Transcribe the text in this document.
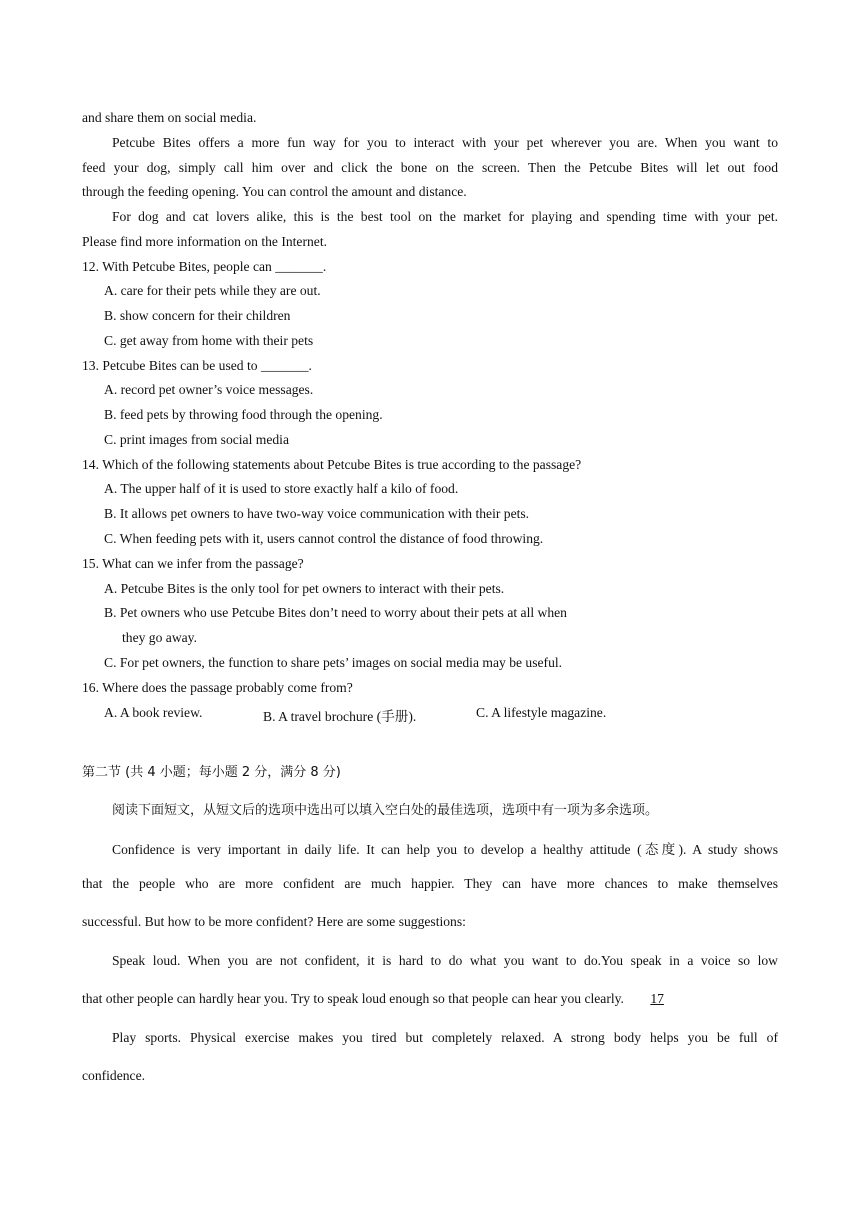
and share them on social media.
Petcube Bites offers a more fun way for you to interact with your pet wherever you are. When you want to
feed your dog, simply call him over and click the bone on the screen. Then the Petcube Bites will let out food
through the feeding opening. You can control the amount and distance.
For dog and cat lovers alike, this is the best tool on the market for playing and spending time with your pet.
Please find more information on the Internet.
12. With Petcube Bites, people can _______.
A. care for their pets while they are out.
B. show concern for their children
C. get away from home with their pets
13. Petcube Bites can be used to _______.
A. record pet owner’s voice messages.
B. feed pets by throwing food through the opening.
C. print images from social media
14. Which of the following statements about Petcube Bites is true according to the passage?
A. The upper half of it is used to store exactly half a kilo of food.
B. It allows pet owners to have two-way voice communication with their pets.
C. When feeding pets with it, users cannot control the distance of food throwing.
15. What can we infer from the passage?
A. Petcube Bites is the only tool for pet owners to interact with their pets.
B. Pet owners who use Petcube Bites don’t need to worry about their pets at all when
they go away.
C. For pet owners, the function to share pets’ images on social media may be useful.
16. Where does the passage probably come from?
A. A book review.	B. A travel brochure (手册).	C. A lifestyle magazine.
第二节 (共 4 小题；每小题 2 分，满分 8 分)
阅读下面短文，从短文后的选项中选出可以填入空白处的最佳选项，选项中有一项为多余选项。
Confidence is very important in daily life. It can help you to develop a healthy attitude (态度). A study shows
that the people who are more confident are much happier. They can have more chances to make themselves
successful. But how to be more confident? Here are some suggestions:
Speak loud. When you are not confident, it is hard to do what you want to do.You speak in a voice so low
that other people can hardly hear you. Try to speak loud enough so that people can hear you clearly. 17
Play sports. Physical exercise makes you tired but completely relaxed. A strong body helps you be full of
confidence.
